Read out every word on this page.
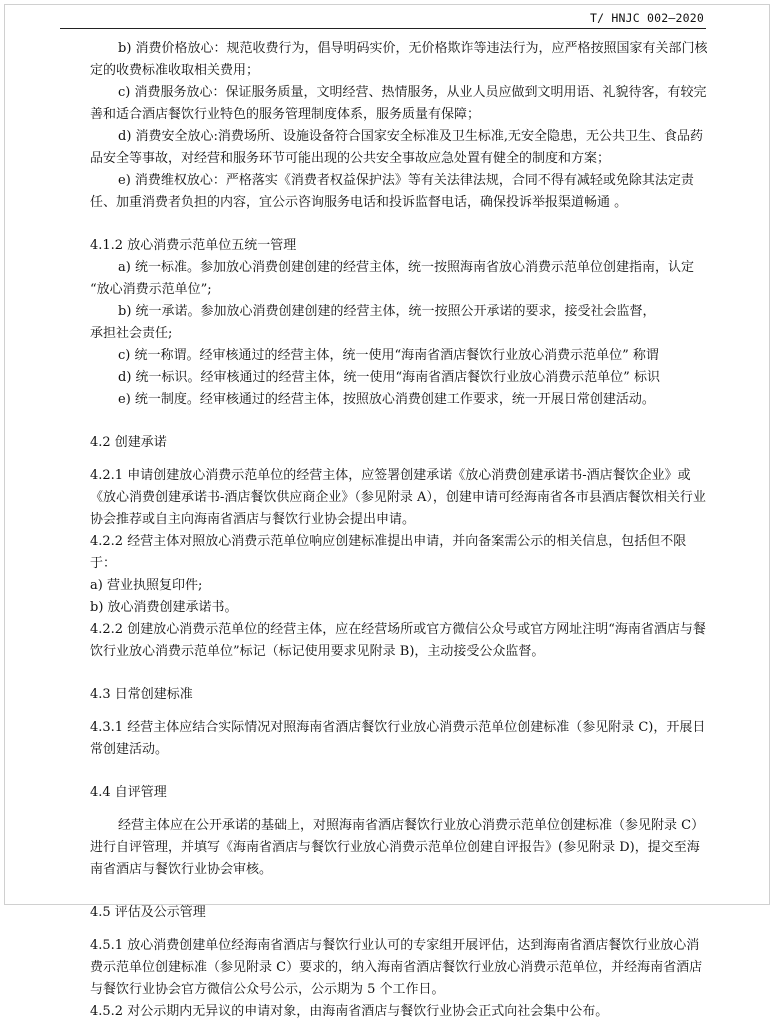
T/ HNJC 002—2020

b) 消费价格放心：规范收费行为，倡导明码实价，无价格欺诈等违法行为，应严格按照国家有关部门核定的收费标准收取相关费用；

c) 消费服务放心：保证服务质量，文明经营、热情服务，从业人员应做到文明用语、礼貌待客，有较完善和适合酒店餐饮行业特色的服务管理制度体系，服务质量有保障；

d) 消费安全放心:消费场所、设施设备符合国家安全标准及卫生标准,无安全隐患，无公共卫生、食品药品安全等事故，对经营和服务环节可能出现的公共安全事故应急处置有健全的制度和方案；

e) 消费维权放心：严格落实《消费者权益保护法》等有关法律法规，合同不得有减轻或免除其法定责任、加重消费者负担的内容，宜公示咨询服务电话和投诉监督电话，确保投诉举报渠道畅通 。

4.1.2 放心消费示范单位五统一管理

a) 统一标准。参加放心消费创建创建的经营主体，统一按照海南省放心消费示范单位创建指南，认定 “放心消费示范单位”;

b) 统一承诺。参加放心消费创建创建的经营主体，统一按照公开承诺的要求，接受社会监督，

承担社会责任;

c) 统一称谓。经审核通过的经营主体，统一使用“海南省酒店餐饮行业放心消费示范单位” 称谓

d) 统一标识。经审核通过的经营主体，统一使用“海南省酒店餐饮行业放心消费示范单位” 标识

e) 统一制度。经审核通过的经营主体，按照放心消费创建工作要求，统一开展日常创建活动。

4.2 创建承诺

4.2.1 申请创建放心消费示范单位的经营主体，应签署创建承诺《放心消费创建承诺书-酒店餐饮企业》或《放心消费创建承诺书-酒店餐饮供应商企业》（参见附录 A），创建申请可经海南省各市县酒店餐饮相关行业协会推荐或自主向海南省酒店与餐饮行业协会提出申请。

4.2.2 经营主体对照放心消费示范单位响应创建标准提出申请，并向备案需公示的相关信息，包括但不限于：

a) 营业执照复印件;

b) 放心消费创建承诺书。

4.2.2 创建放心消费示范单位的经营主体，应在经营场所或官方微信公众号或官方网址注明“海南省酒店与餐饮行业放心消费示范单位”标记（标记使用要求见附录 B)，主动接受公众监督。

4.3 日常创建标准

4.3.1 经营主体应结合实际情况对照海南省酒店餐饮行业放心消费示范单位创建标准（参见附录 C)，开展日常创建活动。

4.4 自评管理

经营主体应在公开承诺的基础上，对照海南省酒店餐饮行业放心消费示范单位创建标准（参见附录 C）进行自评管理，并填写《海南省酒店与餐饮行业放心消费示范单位创建自评报告》(参见附录 D)，提交至海南省酒店与餐饮行业协会审核。

4.5 评估及公示管理

4.5.1 放心消费创建单位经海南省酒店与餐饮行业认可的专家组开展评估，达到海南省酒店餐饮行业放心消费示范单位创建标准（参见附录 C）要求的，纳入海南省酒店餐饮行业放心消费示范单位，并经海南省酒店与餐饮行业协会官方微信公众号公示，公示期为 5 个工作日。

4.5.2 对公示期内无异议的申请对象，由海南省酒店与餐饮行业协会正式向社会集中公布。
